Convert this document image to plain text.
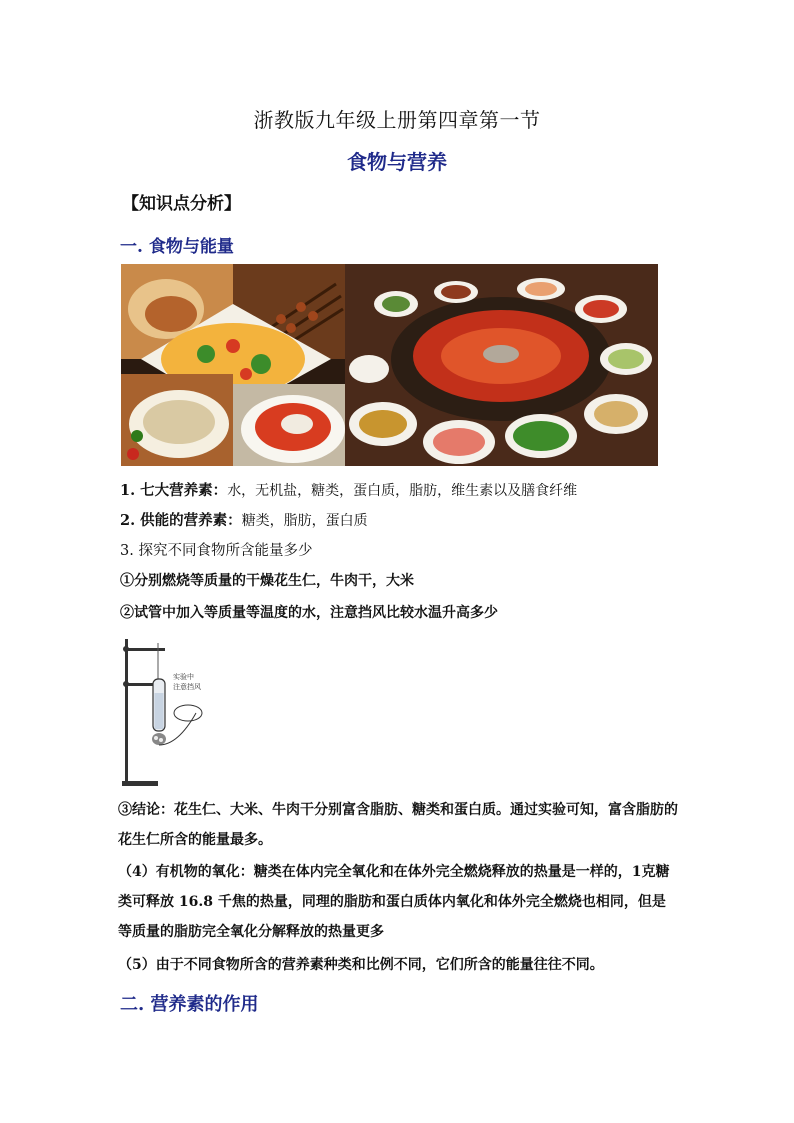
浙教版九年级上册第四章第一节
食物与营养
【知识点分析】
一. 食物与能量
1. 七大营养素：水，无机盐，糖类，蛋白质，脂肪，维生素以及膳食纤维
2. 供能的营养素：糖类，脂肪，蛋白质
3. 探究不同食物所含能量多少
①分别燃烧等质量的干燥花生仁，牛肉干，大米
②试管中加入等质量等温度的水，注意挡风比较水温升高多少
实验中
注意挡风
③结论：花生仁、大米、牛肉干分别富含脂肪、糖类和蛋白质。通过实验可知，富含脂肪的花生仁所含的能量最多。
（4）有机物的氧化：糖类在体内完全氧化和在体外完全燃烧释放的热量是一样的，1克糖类可释放 16.8 千焦的热量，同理的脂肪和蛋白质体内氧化和体外完全燃烧也相同，但是等质量的脂肪完全氧化分解释放的热量更多
（5）由于不同食物所含的营养素种类和比例不同，它们所含的能量往往不同。
二. 营养素的作用
